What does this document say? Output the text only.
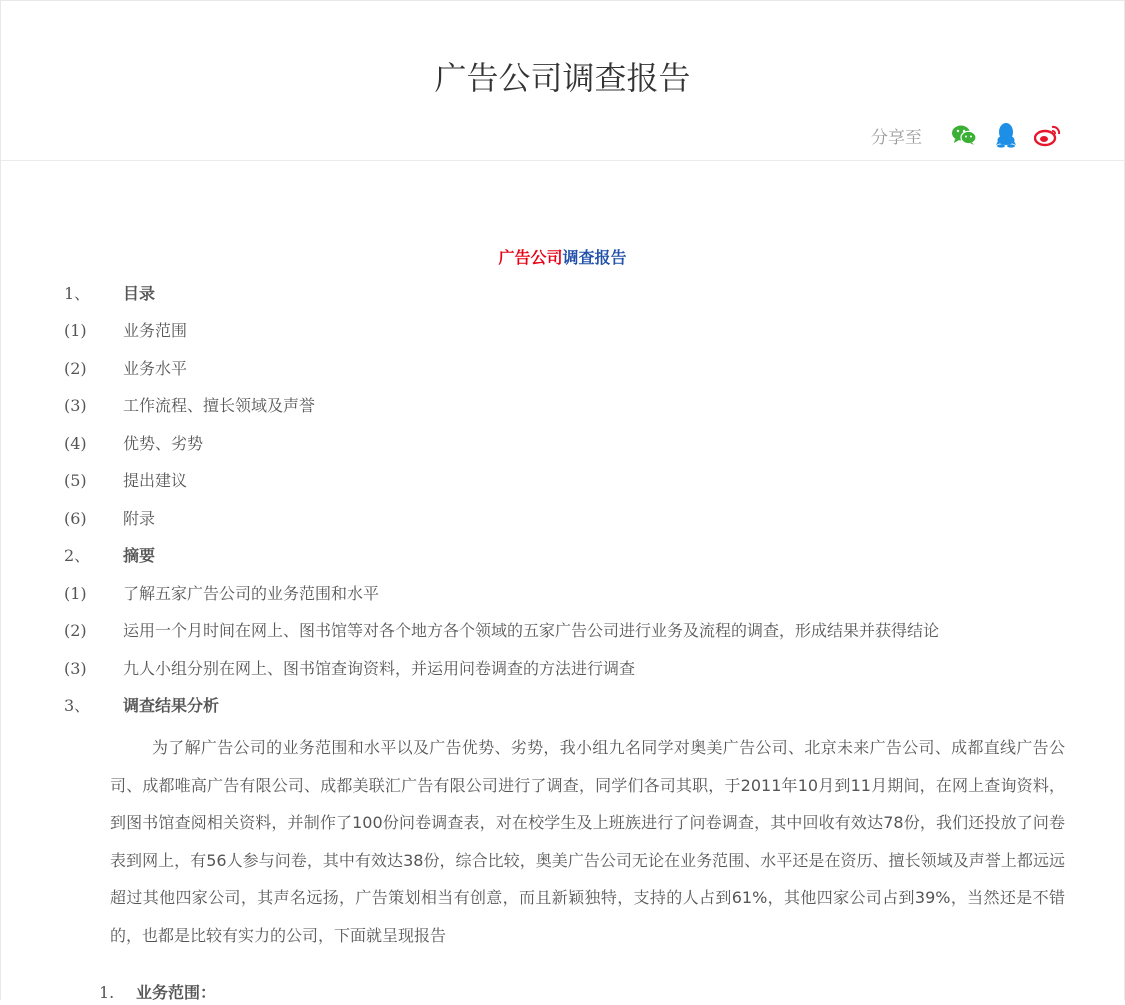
广告公司调查报告
分享至
广告公司调查报告
1、	目录
(1)	业务范围
(2)	业务水平
(3)	工作流程、擅长领域及声誉
(4)	优势、劣势
(5)	提出建议
(6)	附录
2、	摘要
(1)	了解五家广告公司的业务范围和水平
(2)	运用一个月时间在网上、图书馆等对各个地方各个领域的五家广告公司进行业务及流程的调查，形成结果并获得结论
(3)	九人小组分别在网上、图书馆查询资料，并运用问卷调查的方法进行调查
3、	调查结果分析

为了解广告公司的业务范围和水平以及广告优势、劣势，我小组九名同学对奥美广告公司、北京未来广告公司、成都直线广告公司、成都唯高广告有限公司、成都美联汇广告有限公司进行了调查，同学们各司其职，于2011年10月到11月期间，在网上查询资料，到图书馆查阅相关资料，并制作了100份问卷调查表，对在校学生及上班族进行了问卷调查，其中回收有效达78份，我们还投放了问卷表到网上，有56人参与问卷，其中有效达38份，综合比较，奥美广告公司无论在业务范围、水平还是在资历、擅长领域及声誉上都远远超过其他四家公司，其声名远扬，广告策划相当有创意，而且新颖独特，支持的人占到61%，其他四家公司占到39%，当然还是不错的，也都是比较有实力的公司，下面就呈现报告

1. 业务范围：
